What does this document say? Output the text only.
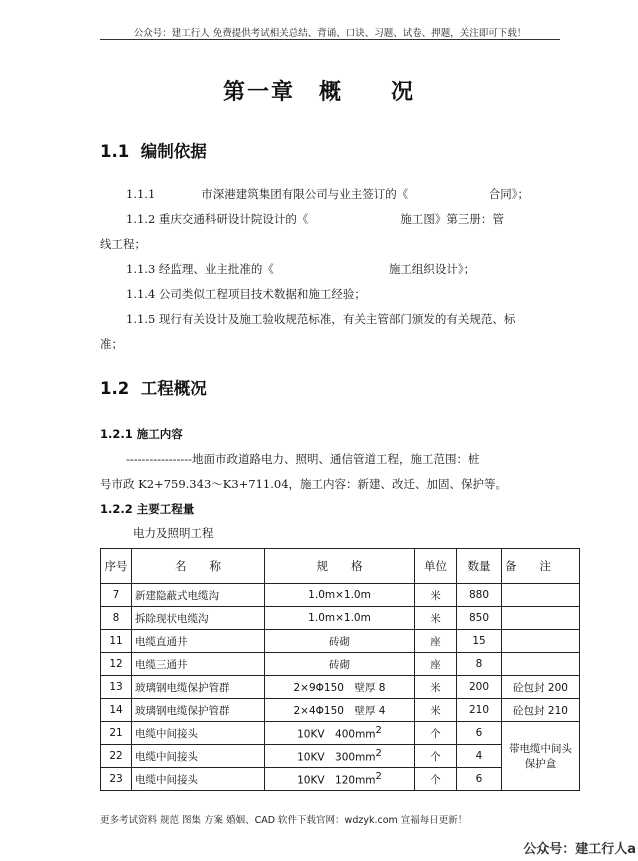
公众号：建工行人 免费提供考试相关总结、背诵、口诀、习题、试卷、押题，关注即可下载！
第一章　概　　况
1.1  编制依据
1.1.1　　　　市深港建筑集团有限公司与业主签订的《　　　　　　　合同》；
1.1.2 重庆交通科研设计院设计的《　　　　　　　　施工图》第三册：管
线工程；
1.1.3 经监理、业主批准的《　　　　　　　　　　施工组织设计》；
1.1.4 公司类似工程项目技术数据和施工经验；
1.1.5 现行有关设计及施工验收规范标准，有关主管部门颁发的有关规范、标
准；
1.2  工程概况
1.2.1 施工内容
-----------------地面市政道路电力、照明、通信管道工程，施工范围：桩
号市政 K2+759.343～K3+711.04，施工内容：新建、改迁、加固、保护等。
1.2.2 主要工程量
电力及照明工程
序号	名　　称	规　　格	单位	数量	备　　注
7	新建隐蔽式电缆沟	1.0m×1.0m	米	880	
8	拆除现状电缆沟	1.0m×1.0m	米	850	
11	电缆直通井	砖砌	座	15	
12	电缆三通井	砖砌	座	8	
13	玻璃钢电缆保护管群	2×9Φ150　壁厚 8	米	200	砼包封 200
14	玻璃钢电缆保护管群	2×4Φ150　壁厚 4	米	210	砼包封 210
21	电缆中间接头	10KV　$400mm^2$	个	6	带电缆中间头保护盒
22	电缆中间接头	10KV　$300mm^2$	个	4	
23	电缆中间接头	10KV　$120mm^2$	个	6	
更多考试资料 规范 图集 方案 婚姻、CAD 软件下载官网：wdzyk.com 宣福每日更新！
公众号：建工行人a
